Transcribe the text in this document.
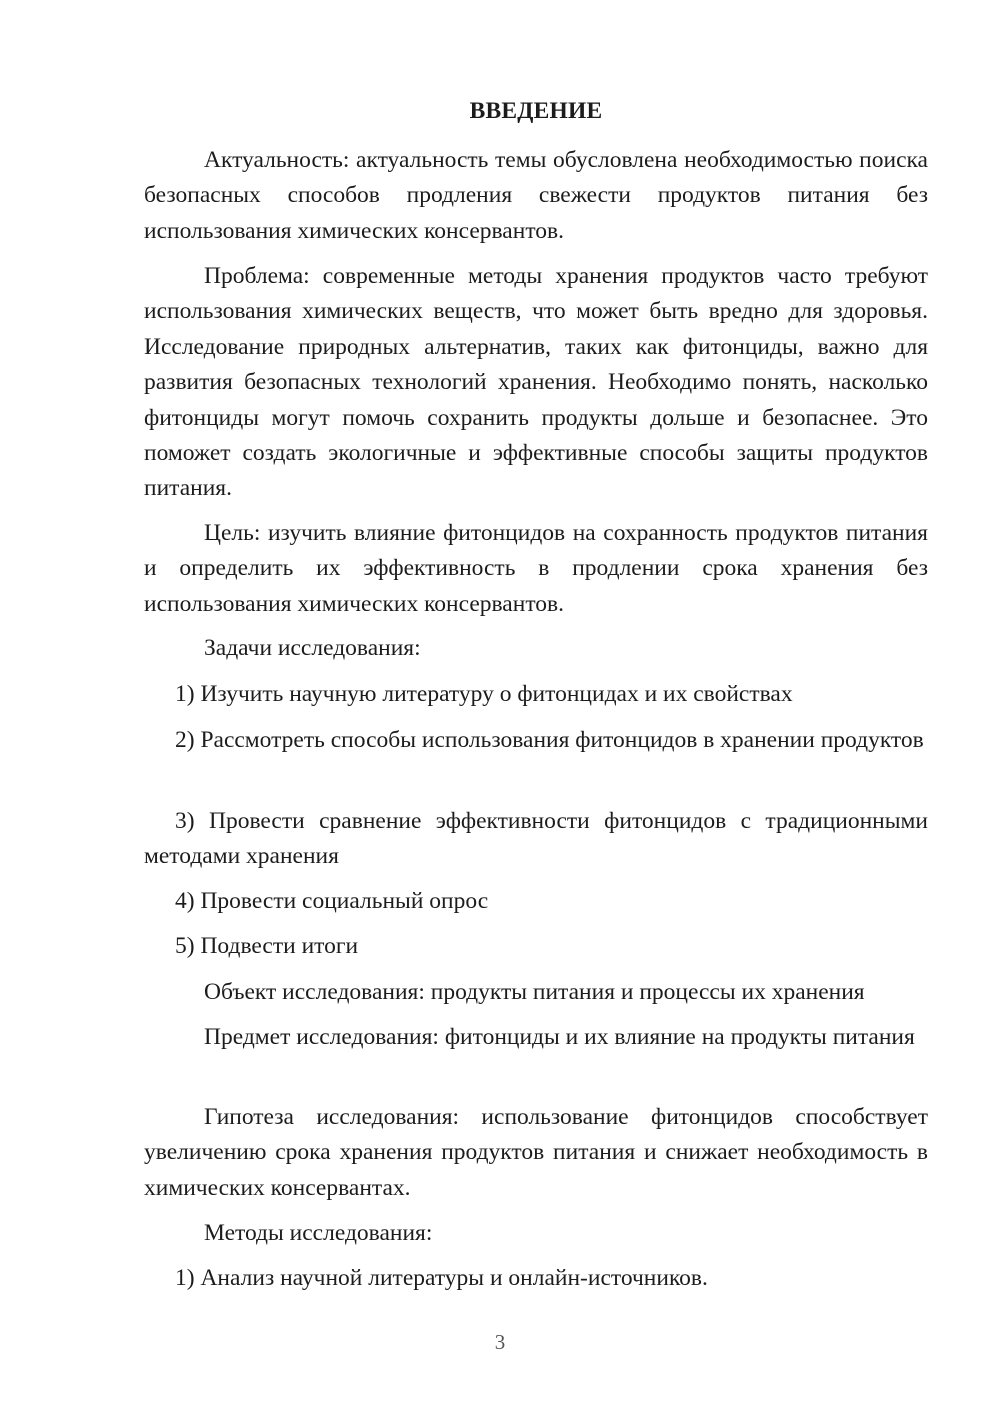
ВВЕДЕНИЕ

Актуальность: актуальность темы обусловлена необходимостью поиска безопасных способов продления свежести продуктов питания без использования химических консервантов.

Проблема: современные методы хранения продуктов часто требуют использования химических веществ, что может быть вредно для здоровья. Исследование природных альтернатив, таких как фитонциды, важно для развития безопасных технологий хранения. Необходимо понять, насколько фитонциды могут помочь сохранить продукты дольше и безопаснее. Это поможет создать экологичные и эффективные способы защиты продуктов питания.

Цель: изучить влияние фитонцидов на сохранность продуктов питания и определить их эффективность в продлении срока хранения без использования химических консервантов.

Задачи исследования:

1) Изучить научную литературу о фитонцидах и их свойствах

2) Рассмотреть способы использования фитонцидов в хранении продуктов

3) Провести сравнение эффективности фитонцидов с традиционными методами хранения

4) Провести социальный опрос

5) Подвести итоги

Объект исследования: продукты питания и процессы их хранения

Предмет исследования: фитонциды и их влияние на продукты питания

Гипотеза исследования: использование фитонцидов способствует увеличению срока хранения продуктов питания и снижает необходимость в химических консервантах.

Методы исследования:

1) Анализ научной литературы и онлайн-источников.

3
